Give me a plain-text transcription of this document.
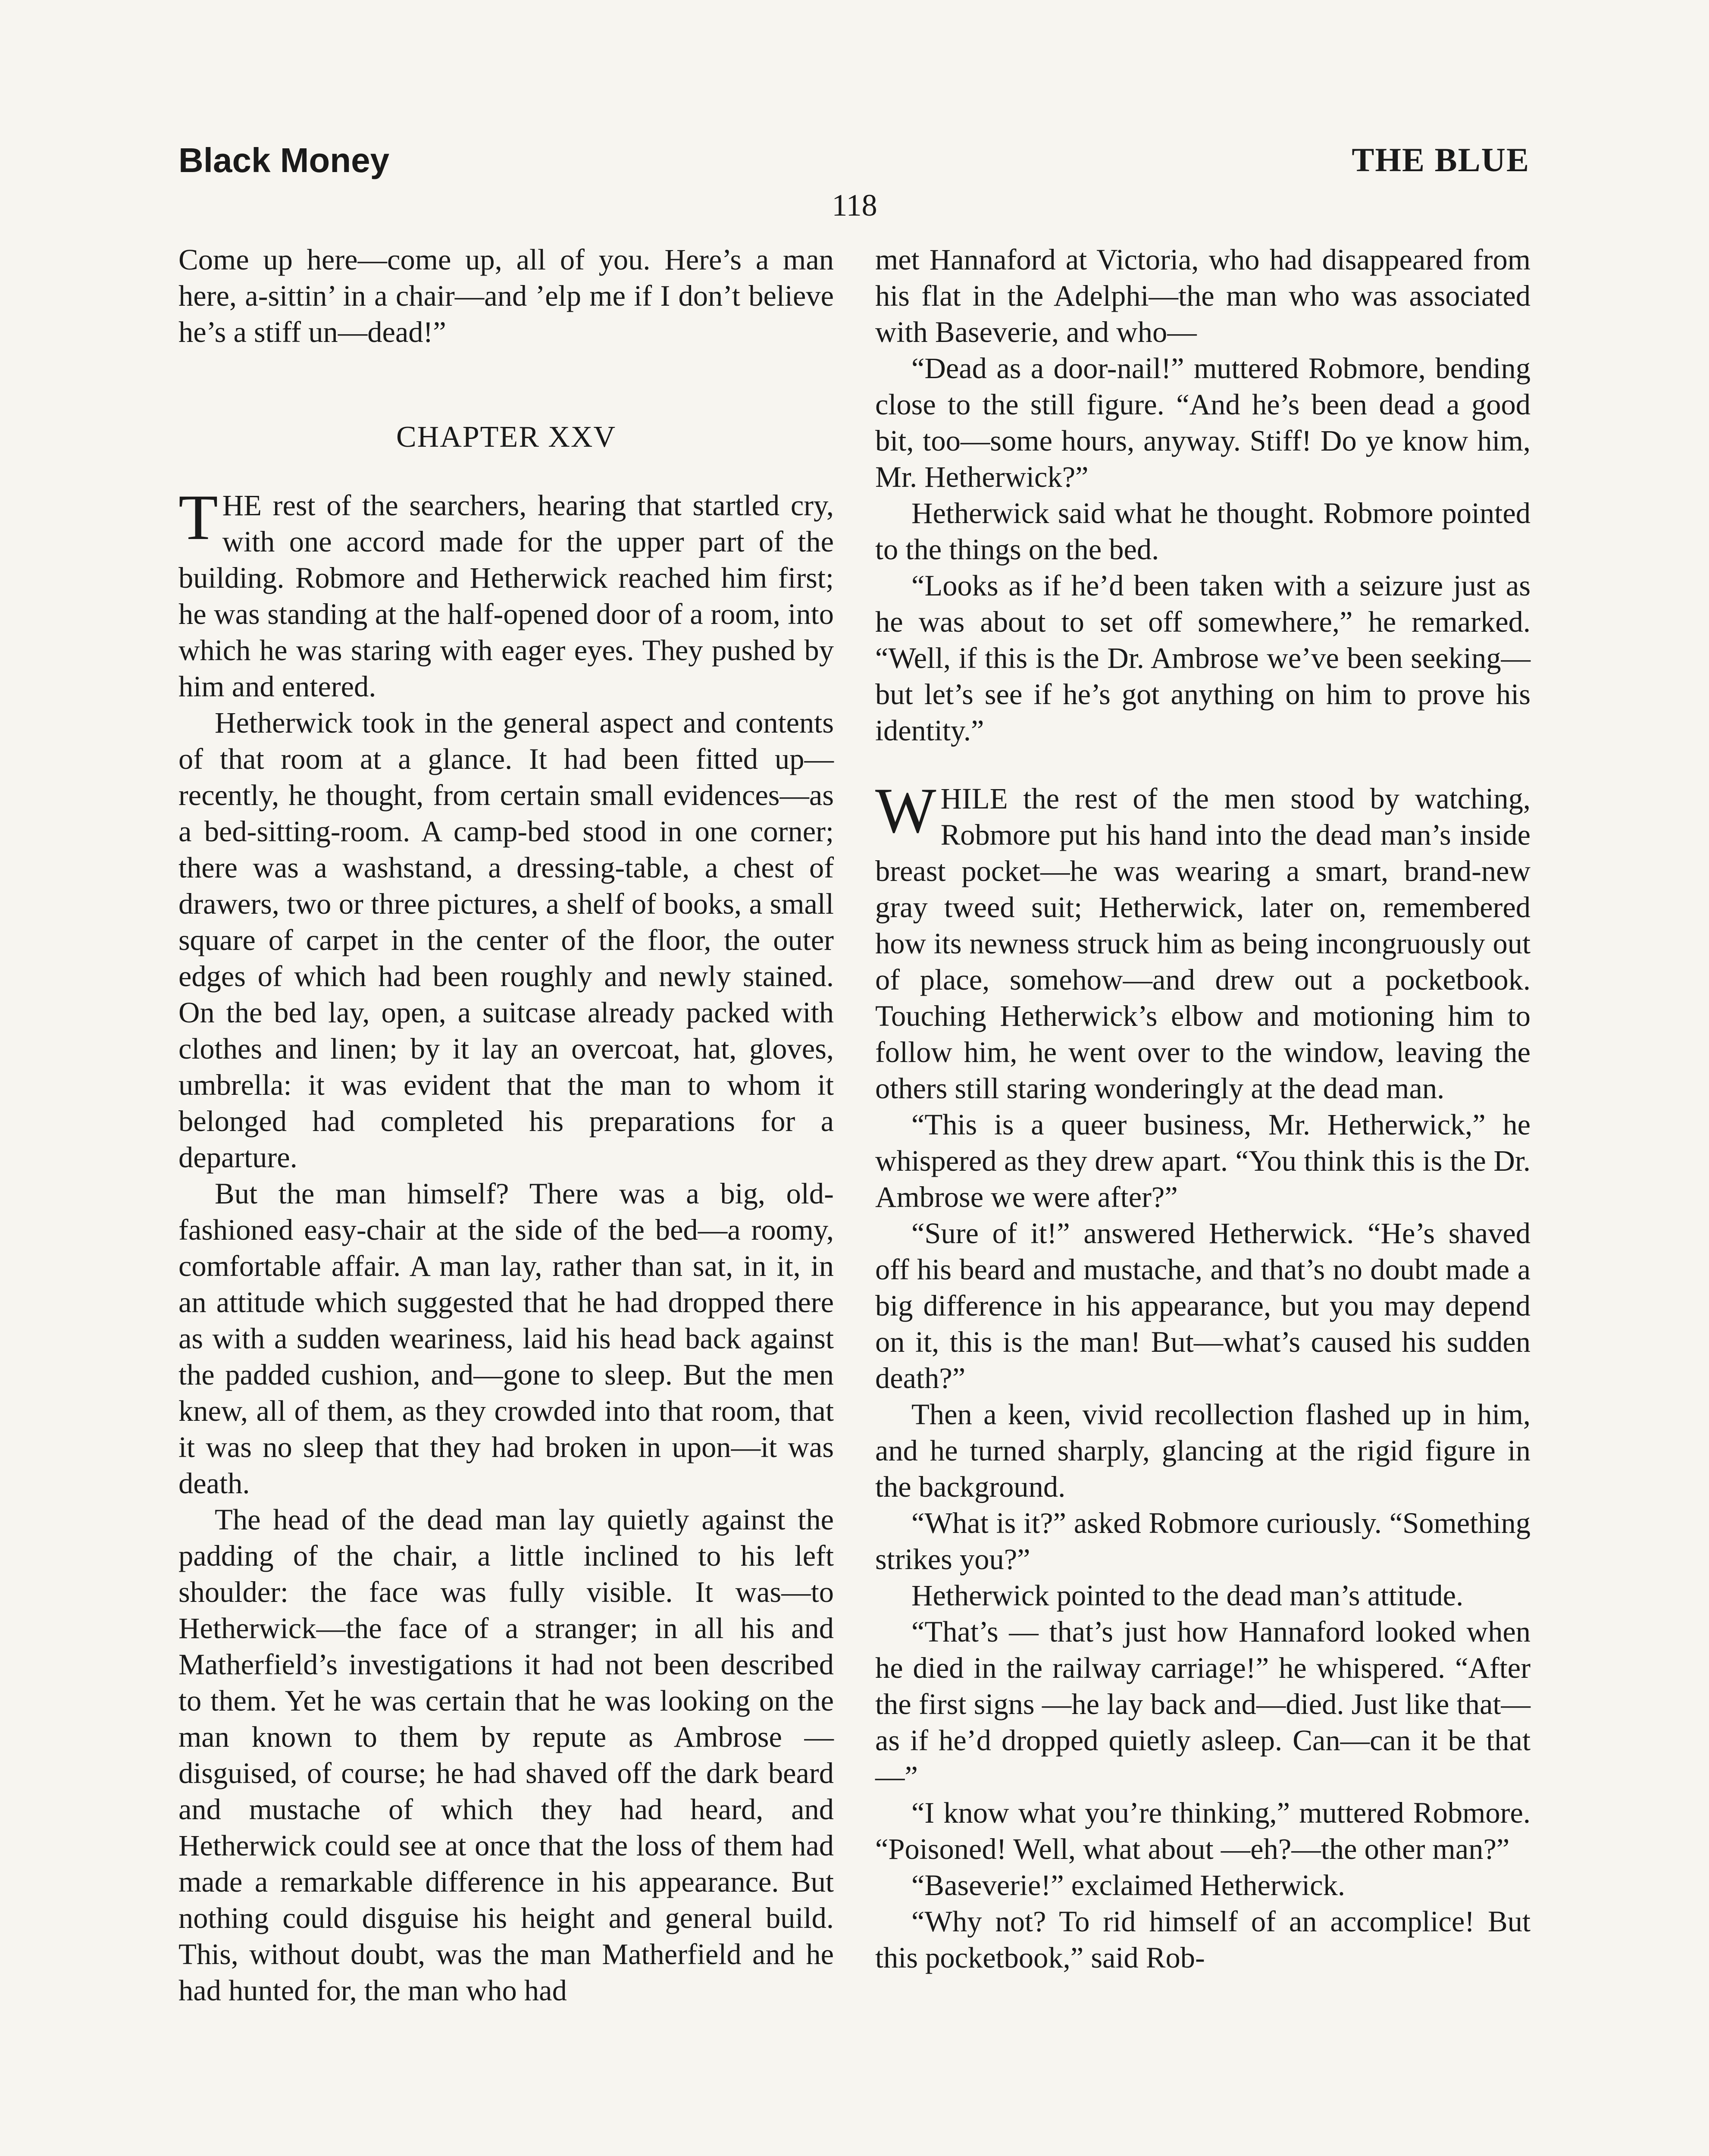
Black Money	THE BLUE
118

Come up here—come up, all of you. Here’s a man here, a-sittin’ in a chair—and ’elp me if I don’t believe he’s a stiff un—dead!”

CHAPTER XXV

THE rest of the searchers, hearing that startled cry, with one accord made for the upper part of the building. Robmore and Hetherwick reached him first; he was standing at the half-opened door of a room, into which he was staring with eager eyes. They pushed by him and entered.

Hetherwick took in the general aspect and contents of that room at a glance. It had been fitted up—recently, he thought, from certain small evidences—as a bed-sitting-room. A camp-bed stood in one corner; there was a washstand, a dressing-table, a chest of drawers, two or three pictures, a shelf of books, a small square of carpet in the center of the floor, the outer edges of which had been roughly and newly stained. On the bed lay, open, a suitcase already packed with clothes and linen; by it lay an overcoat, hat, gloves, umbrella: it was evident that the man to whom it belonged had completed his preparations for a departure.

But the man himself? There was a big, old-fashioned easy-chair at the side of the bed—a roomy, comfortable affair. A man lay, rather than sat, in it, in an attitude which suggested that he had dropped there as with a sudden weariness, laid his head back against the padded cushion, and—gone to sleep. But the men knew, all of them, as they crowded into that room, that it was no sleep that they had broken in upon—it was death.

The head of the dead man lay quietly against the padding of the chair, a little inclined to his left shoulder: the face was fully visible. It was—to Hetherwick—the face of a stranger; in all his and Matherfield’s investigations it had not been described to them. Yet he was certain that he was looking on the man known to them by repute as Ambrose — disguised, of course; he had shaved off the dark beard and mustache of which they had heard, and Hetherwick could see at once that the loss of them had made a remarkable difference in his appearance. But nothing could disguise his height and general build. This, without doubt, was the man Matherfield and he had hunted for, the man who had

met Hannaford at Victoria, who had disappeared from his flat in the Adelphi—the man who was associated with Baseverie, and who—

“Dead as a door-nail!” muttered Robmore, bending close to the still figure. “And he’s been dead a good bit, too—some hours, anyway. Stiff! Do ye know him, Mr. Hetherwick?”

Hetherwick said what he thought. Robmore pointed to the things on the bed.

“Looks as if he’d been taken with a seizure just as he was about to set off somewhere,” he remarked. “Well, if this is the Dr. Ambrose we’ve been seeking—but let’s see if he’s got anything on him to prove his identity.”

WHILE the rest of the men stood by watching, Robmore put his hand into the dead man’s inside breast pocket—he was wearing a smart, brand-new gray tweed suit; Hetherwick, later on, remembered how its newness struck him as being incongruously out of place, somehow—and drew out a pocketbook. Touching Hetherwick’s elbow and motioning him to follow him, he went over to the window, leaving the others still staring wonderingly at the dead man.

“This is a queer business, Mr. Hetherwick,” he whispered as they drew apart. “You think this is the Dr. Ambrose we were after?”

“Sure of it!” answered Hetherwick. “He’s shaved off his beard and mustache, and that’s no doubt made a big difference in his appearance, but you may depend on it, this is the man! But—what’s caused his sudden death?”

Then a keen, vivid recollection flashed up in him, and he turned sharply, glancing at the rigid figure in the background.

“What is it?” asked Robmore curiously. “Something strikes you?”

Hetherwick pointed to the dead man’s attitude.

“That’s — that’s just how Hannaford looked when he died in the railway carriage!” he whispered. “After the first signs —he lay back and—died. Just like that—as if he’d dropped quietly asleep. Can—can it be that—”

“I know what you’re thinking,” muttered Robmore. “Poisoned! Well, what about —eh?—the other man?”

“Baseverie!” exclaimed Hetherwick.

“Why not? To rid himself of an accomplice! But this pocketbook,” said Rob-
